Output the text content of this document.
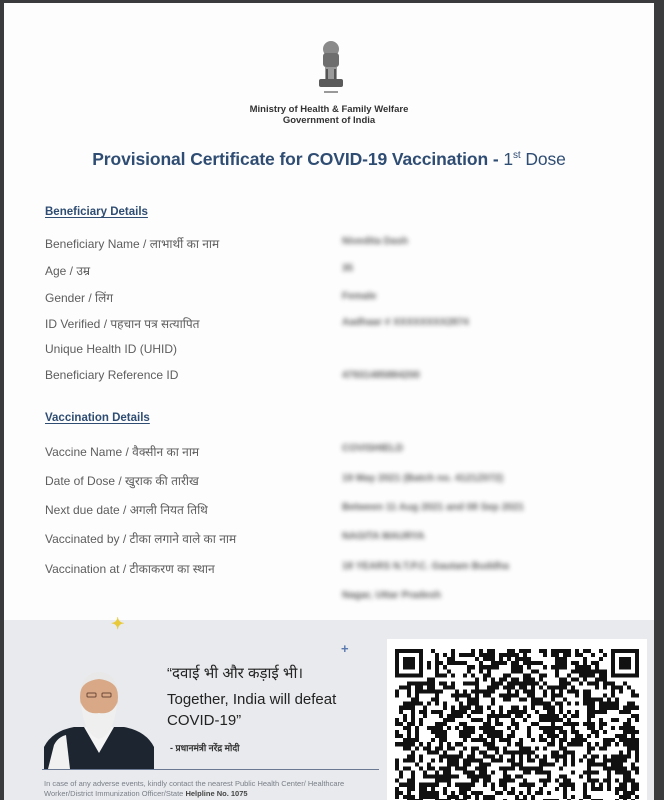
Ministry of Health & Family Welfare
Government of India
Provisional Certificate for COVID-19 Vaccination - 1st Dose
Beneficiary Details
Beneficiary Name / लाभार्थी का नाम	Nivedita Dash
Age / उम्र	35
Gender / लिंग	Female
ID Verified / पहचान पत्र सत्यापित	Aadhaar # XXXXXXXX2874
Unique Health ID (UHID)
Beneficiary Reference ID	47931485884200
Vaccination Details
Vaccine Name / वैक्सीन का नाम	COVISHIELD
Date of Dose / खुराक की तारीख	19 May 2021 (Batch no. 4121Z072)
Next due date / अगली नियत तिथि	Between 11 Aug 2021 and 08 Sep 2021
Vaccinated by / टीका लगाने वाले का नाम	NAGITA MAURYA
Vaccination at / टीकाकरण का स्थान	18 YEARS N.T.P.C. Gautam Buddha
Nagar, Uttar Pradesh
✦
+
“दवाई भी और कड़ाई भी।
Together, India will defeat COVID-19”
- प्रधानमंत्री नरेंद्र मोदी
In case of any adverse events, kindly contact the nearest Public Health Center/ Healthcare Worker/District Immunization Officer/State Helpline No. 1075
